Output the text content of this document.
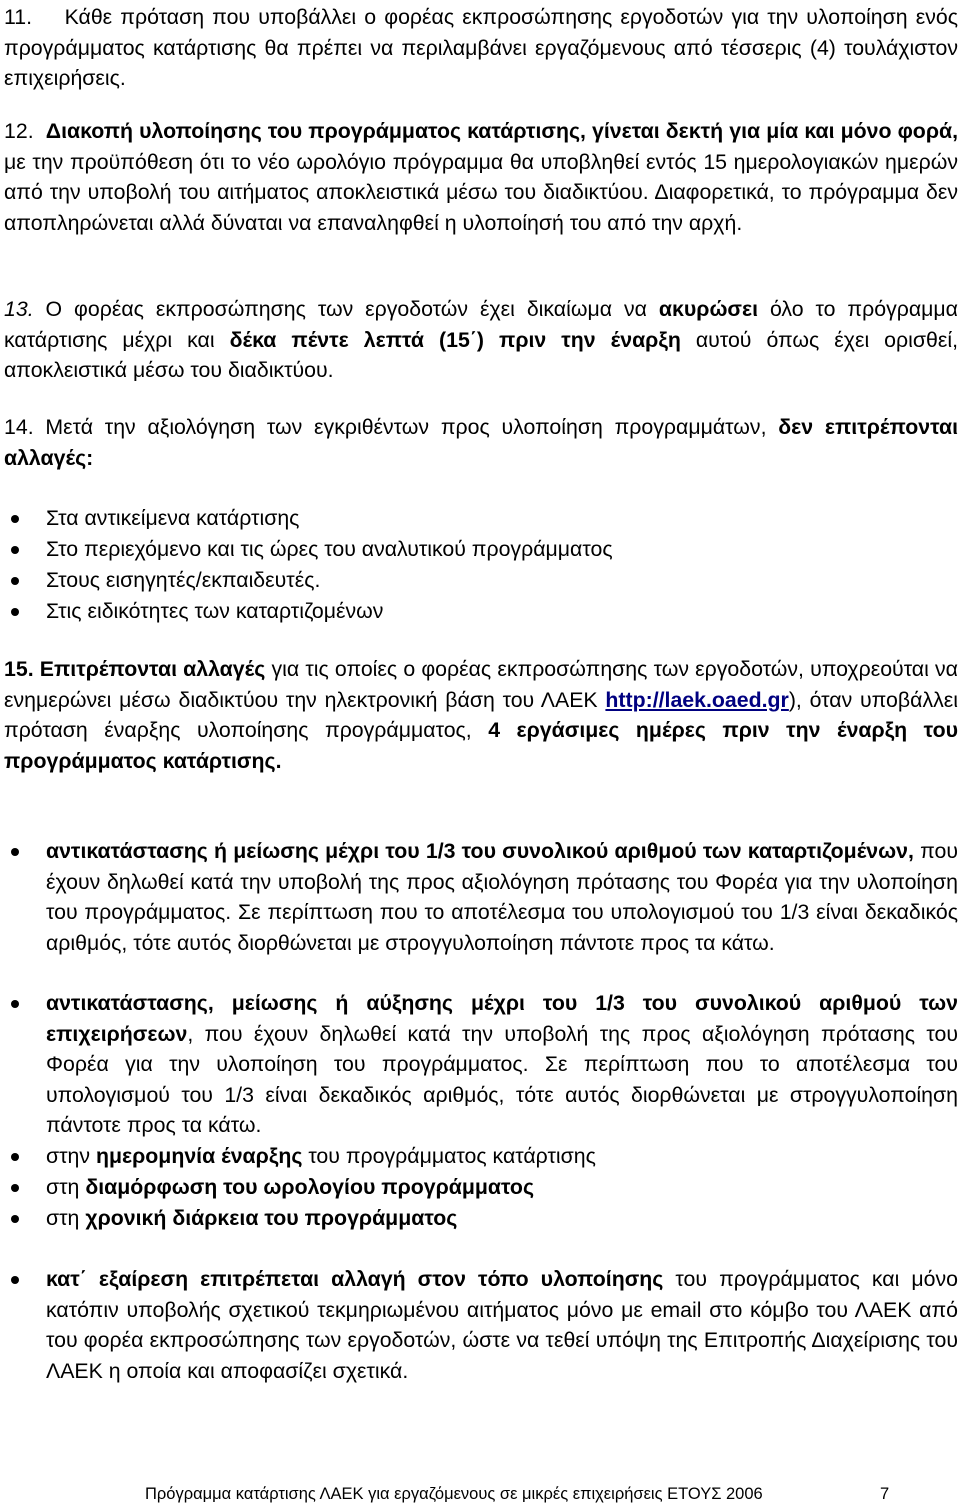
11. Κάθε πρόταση που υποβάλλει ο φορέας εκπροσώπησης εργοδοτών για την υλοποίηση ενός προγράμματος κατάρτισης θα πρέπει να περιλαμβάνει εργαζόμενους από τέσσερις (4) τουλάχιστον επιχειρήσεις.
12. Διακοπή υλοποίησης του προγράμματος κατάρτισης, γίνεται δεκτή για μία και μόνο φορά, με την προϋπόθεση ότι το νέο ωρολόγιο πρόγραμμα θα υποβληθεί εντός 15 ημερολογιακών ημερών από την υποβολή του αιτήματος αποκλειστικά μέσω του διαδικτύου. Διαφορετικά, το πρόγραμμα δεν αποπληρώνεται αλλά δύναται να επαναληφθεί η υλοποίησή του από την αρχή.
13. Ο φορέας εκπροσώπησης των εργοδοτών έχει δικαίωμα να ακυρώσει όλο το πρόγραμμα κατάρτισης μέχρι και δέκα πέντε λεπτά (15΄) πριν την έναρξη αυτού όπως έχει ορισθεί, αποκλειστικά μέσω του διαδικτύου.
14. Μετά την αξιολόγηση των εγκριθέντων προς υλοποίηση προγραμμάτων, δεν επιτρέπονται αλλαγές:
Στα αντικείμενα κατάρτισης
Στο περιεχόμενο και τις ώρες του αναλυτικού προγράμματος
Στους εισηγητές/εκπαιδευτές.
Στις ειδικότητες των καταρτιζομένων
15. Επιτρέπονται αλλαγές για τις οποίες ο φορέας εκπροσώπησης των εργοδοτών, υποχρεούται να ενημερώνει μέσω διαδικτύου την ηλεκτρονική βάση του ΛΑΕΚ http://laek.oaed.gr), όταν υποβάλλει πρόταση έναρξης υλοποίησης προγράμματος, 4 εργάσιμες ημέρες πριν την έναρξη του προγράμματος κατάρτισης.
αντικατάστασης ή μείωσης μέχρι του 1/3 του συνολικού αριθμού των καταρτιζομένων, που έχουν δηλωθεί κατά την υποβολή της προς αξιολόγηση πρότασης του Φορέα για την υλοποίηση του προγράμματος. Σε περίπτωση που το αποτέλεσμα του υπολογισμού του 1/3 είναι δεκαδικός αριθμός, τότε αυτός διορθώνεται με στρογγυλοποίηση πάντοτε προς τα κάτω.
αντικατάστασης, μείωσης ή αύξησης μέχρι του 1/3 του συνολικού αριθμού των επιχειρήσεων, που έχουν δηλωθεί κατά την υποβολή της προς αξιολόγηση πρότασης του Φορέα για την υλοποίηση του προγράμματος. Σε περίπτωση που το αποτέλεσμα του υπολογισμού του 1/3 είναι δεκαδικός αριθμός, τότε αυτός διορθώνεται με στρογγυλοποίηση πάντοτε προς τα κάτω.
στην ημερομηνία έναρξης του προγράμματος κατάρτισης
στη διαμόρφωση του ωρολογίου προγράμματος
στη χρονική διάρκεια του προγράμματος
κατ΄ εξαίρεση επιτρέπεται αλλαγή στον τόπο υλοποίησης του προγράμματος και μόνο κατόπιν υποβολής σχετικού τεκμηριωμένου αιτήματος μόνο με email στο κόμβο του ΛΑΕΚ από του φορέα εκπροσώπησης των εργοδοτών, ώστε να τεθεί υπόψη της Επιτροπής Διαχείρισης του ΛΑΕΚ η οποία και αποφασίζει σχετικά.
Πρόγραμμα κατάρτισης ΛΑΕΚ για εργαζόμενους σε μικρές επιχειρήσεις ΕΤΟΥΣ 2006	7
